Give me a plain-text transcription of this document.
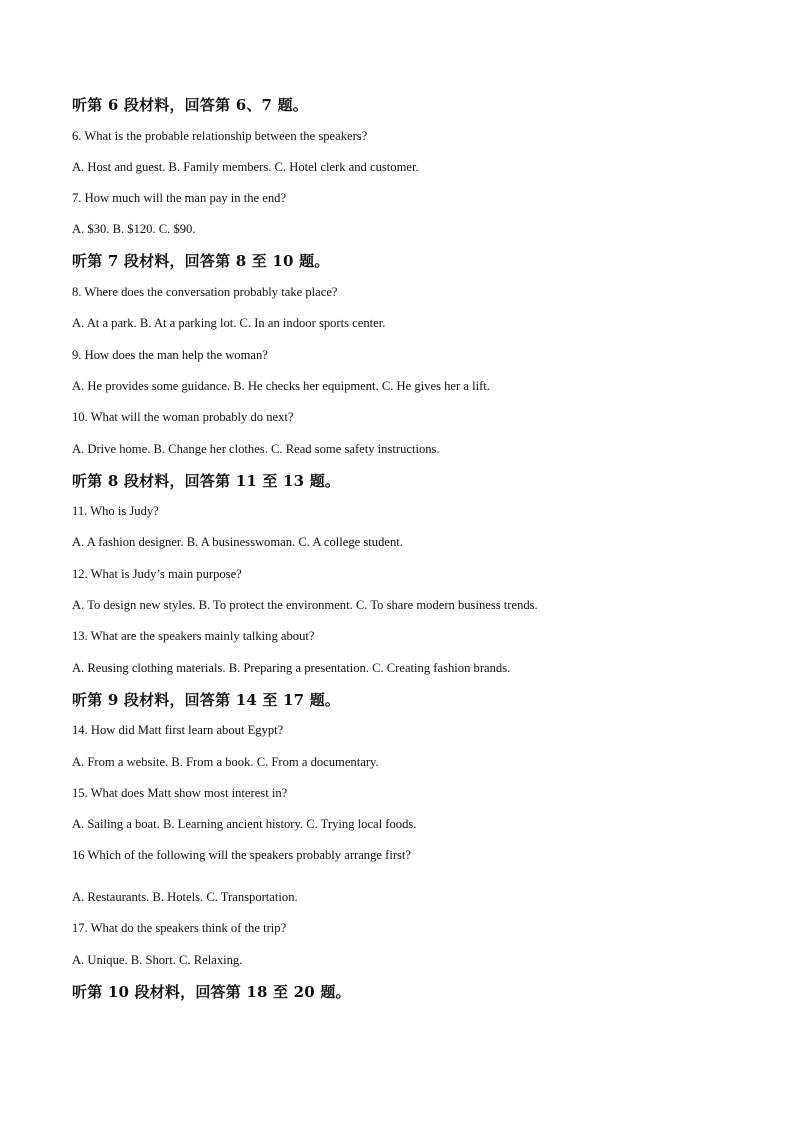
听第 6 段材料，回答第 6、7 题。
6. What is the probable relationship between the speakers?
A. Host and guest. B. Family members. C. Hotel clerk and customer.
7. How much will the man pay in the end?
A. $30. B. $120. C. $90.
听第 7 段材料，回答第 8 至 10 题。
8. Where does the conversation probably take place?
A. At a park. B. At a parking lot. C. In an indoor sports center.
9. How does the man help the woman?
A. He provides some guidance. B. He checks her equipment. C. He gives her a lift.
10. What will the woman probably do next?
A. Drive home. B. Change her clothes. C. Read some safety instructions.
听第 8 段材料，回答第 11 至 13 题。
11. Who is Judy?
A. A fashion designer. B. A businesswoman. C. A college student.
12. What is Judy’s main purpose?
A. To design new styles. B. To protect the environment. C. To share modern business trends.
13. What are the speakers mainly talking about?
A. Reusing clothing materials. B. Preparing a presentation. C. Creating fashion brands.
听第 9 段材料，回答第 14 至 17 题。
14. How did Matt first learn about Egypt?
A. From a website. B. From a book. C. From a documentary.
15. What does Matt show most interest in?
A. Sailing a boat. B. Learning ancient history. C. Trying local foods.
16 Which of the following will the speakers probably arrange first?
A. Restaurants. B. Hotels. C. Transportation.
17. What do the speakers think of the trip?
A. Unique. B. Short. C. Relaxing.
听第 10 段材料，回答第 18 至 20 题。
